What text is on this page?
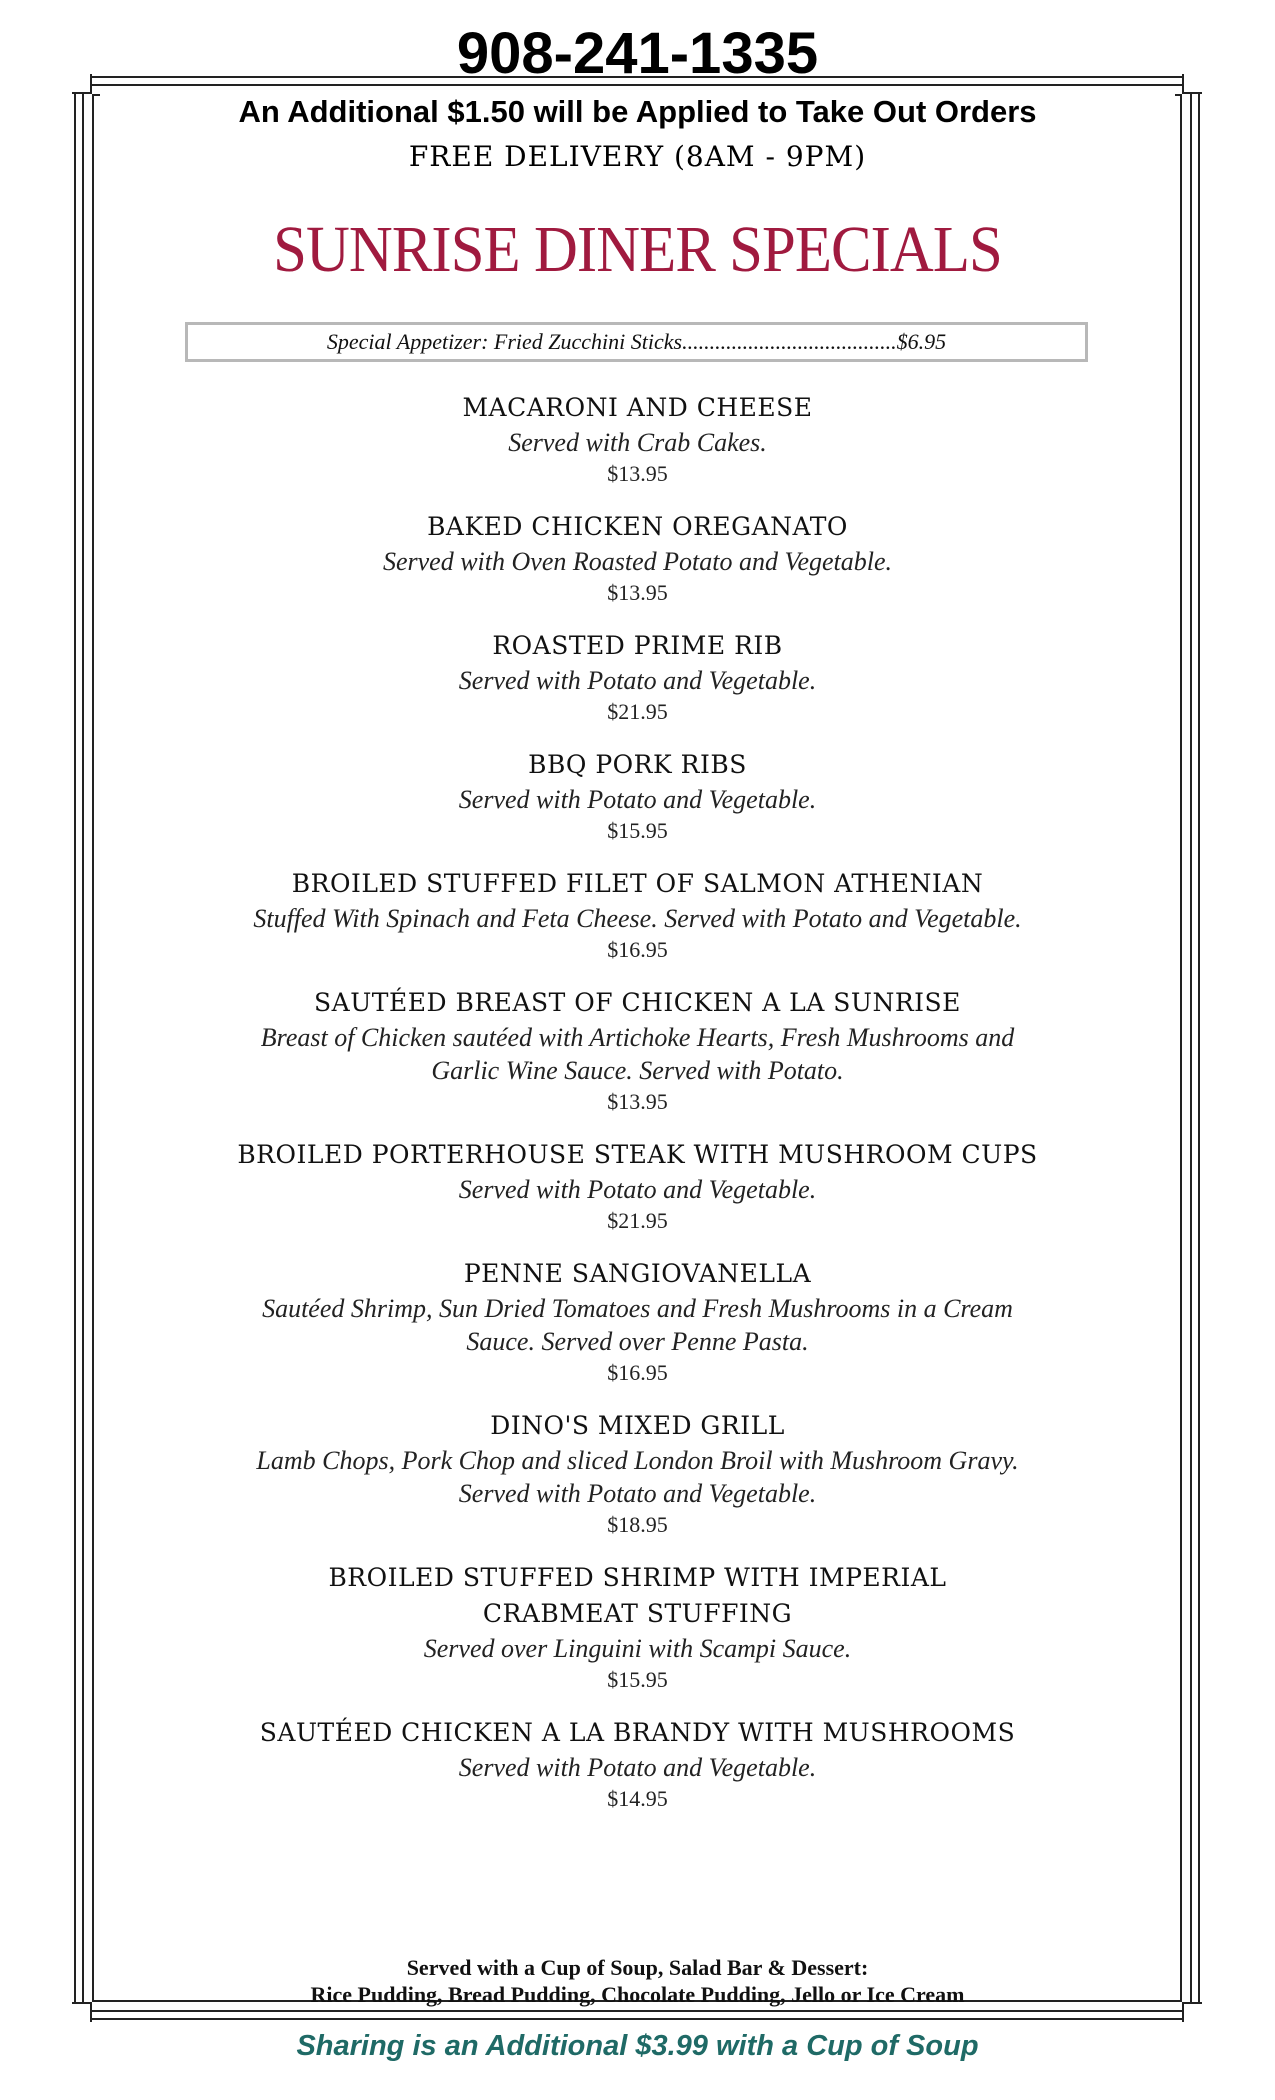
908-241-1335
An Additional $1.50 will be Applied to Take Out Orders
FREE DELIVERY (8AM - 9PM)
SUNRISE DINER SPECIALS
Special Appetizer: Fried Zucchini Sticks.......................................$6.95
MACARONI AND CHEESE
Served with Crab Cakes.
$13.95
BAKED CHICKEN OREGANATO
Served with Oven Roasted Potato and Vegetable.
$13.95
ROASTED PRIME RIB
Served with Potato and Vegetable.
$21.95
BBQ PORK RIBS
Served with Potato and Vegetable.
$15.95
BROILED STUFFED FILET OF SALMON ATHENIAN
Stuffed With Spinach and Feta Cheese. Served with Potato and Vegetable.
$16.95
SAUTÉED BREAST OF CHICKEN A LA SUNRISE
Breast of Chicken sautéed with Artichoke Hearts, Fresh Mushrooms and Garlic Wine Sauce. Served with Potato.
$13.95
BROILED PORTERHOUSE STEAK WITH MUSHROOM CUPS
Served with Potato and Vegetable.
$21.95
PENNE SANGIOVANELLA
Sautéed Shrimp, Sun Dried Tomatoes and Fresh Mushrooms in a Cream Sauce. Served over Penne Pasta.
$16.95
DINO'S MIXED GRILL
Lamb Chops, Pork Chop and sliced London Broil with Mushroom Gravy. Served with Potato and Vegetable.
$18.95
BROILED STUFFED SHRIMP WITH IMPERIAL CRABMEAT STUFFING
Served over Linguini with Scampi Sauce.
$15.95
SAUTÉED CHICKEN A LA BRANDY WITH MUSHROOMS
Served with Potato and Vegetable.
$14.95
Served with a Cup of Soup, Salad Bar & Dessert:
Rice Pudding, Bread Pudding, Chocolate Pudding, Jello or Ice Cream
Sharing is an Additional $3.99 with a Cup of Soup
